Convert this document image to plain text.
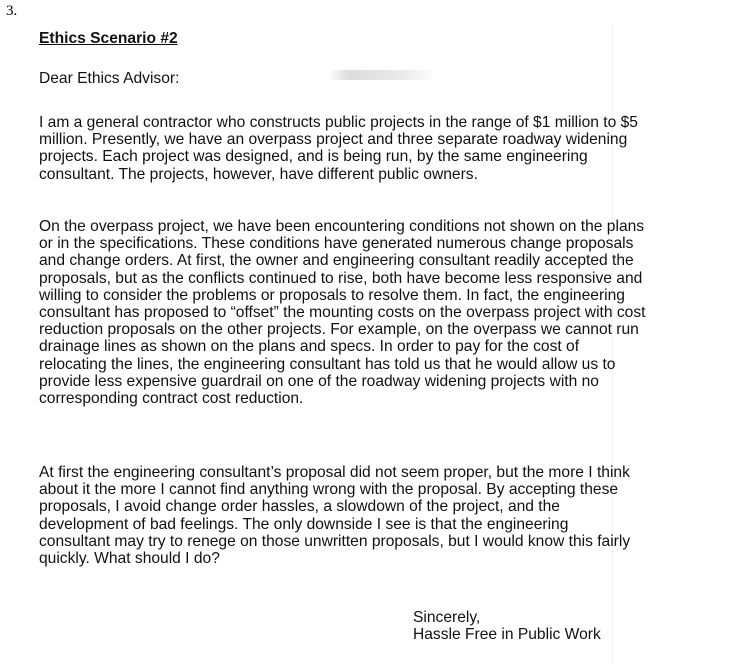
3.
Ethics Scenario #2
Dear Ethics Advisor:
I am a general contractor who constructs public projects in the range of $1 million to $5
million. Presently, we have an overpass project and three separate roadway widening
projects. Each project was designed, and is being run, by the same engineering
consultant. The projects, however, have different public owners.
On the overpass project, we have been encountering conditions not shown on the plans
or in the specifications. These conditions have generated numerous change proposals
and change orders. At first, the owner and engineering consultant readily accepted the
proposals, but as the conflicts continued to rise, both have become less responsive and
willing to consider the problems or proposals to resolve them. In fact, the engineering
consultant has proposed to “offset” the mounting costs on the overpass project with cost
reduction proposals on the other projects. For example, on the overpass we cannot run
drainage lines as shown on the plans and specs. In order to pay for the cost of
relocating the lines, the engineering consultant has told us that he would allow us to
provide less expensive guardrail on one of the roadway widening projects with no
corresponding contract cost reduction.
At first the engineering consultant’s proposal did not seem proper, but the more I think
about it the more I cannot find anything wrong with the proposal. By accepting these
proposals, I avoid change order hassles, a slowdown of the project, and the
development of bad feelings. The only downside I see is that the engineering
consultant may try to renege on those unwritten proposals, but I would know this fairly
quickly. What should I do?
Sincerely,
Hassle Free in Public Work
